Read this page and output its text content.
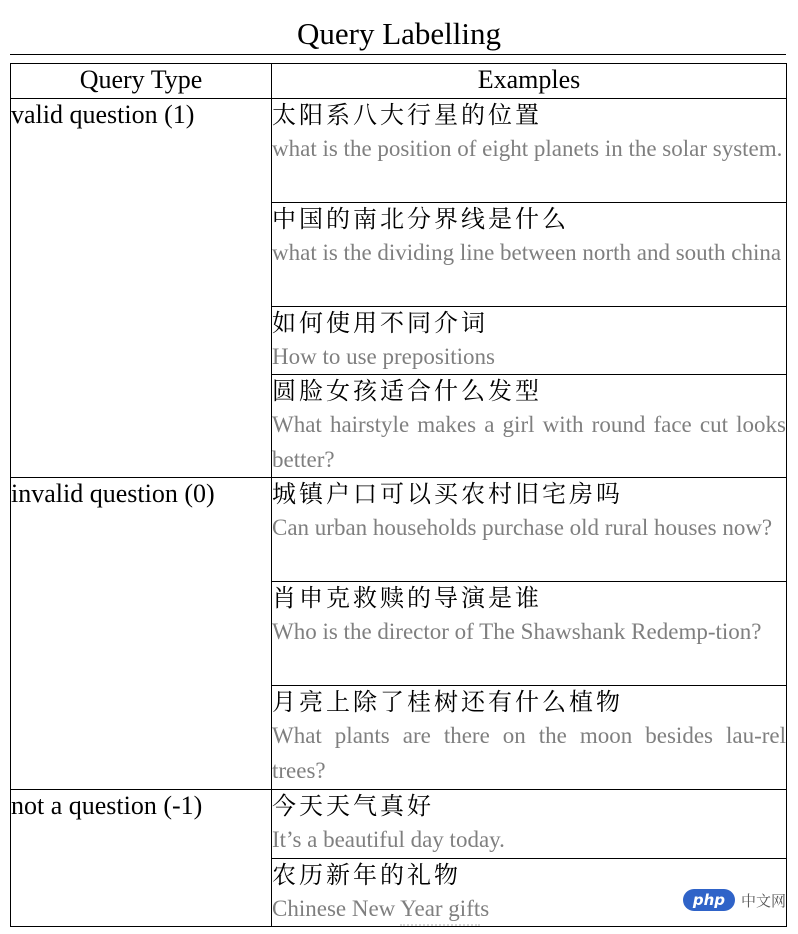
Query Labelling
Query Type	Examples
valid question (1)	太阳系八大行星的位置
what is the position of eight planets in the solar system.

	中国的南北分界线是什么
what is the dividing line between north and south china

	如何使用不同介词
How to use prepositions

	圆脸女孩适合什么发型
What hairstyle makes a girl with round face cut looks better?

invalid question (0)	城镇户口可以买农村旧宅房吗
Can urban households purchase old rural houses now?

	肖申克救赎的导演是谁
Who is the director of The Shawshank Redemp-tion?

	月亮上除了桂树还有什么植物
What plants are there on the moon besides lau-rel trees?

not a question (-1)	今天天气真好
It’s a beautiful day today.

	农历新年的礼物
Chinese New Year gifts	php	中文网
